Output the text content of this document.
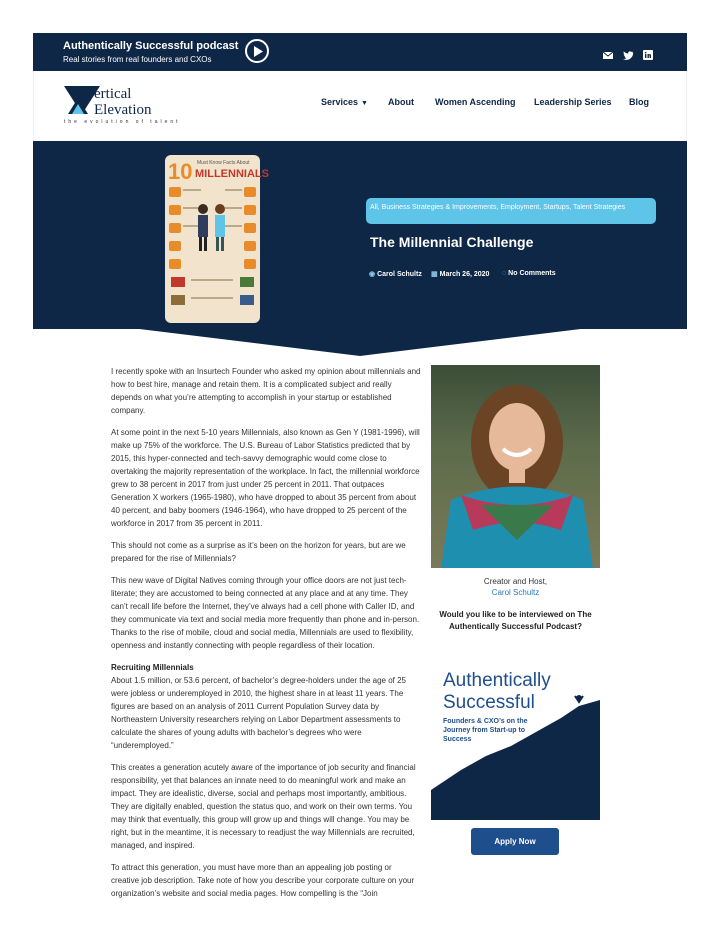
Authentically Successful podcast
Real stories from real founders and CXOs
ertical
Elevation
the evolution of talent
Services ▼ About Women Ascending Leadership Series Blog
10 Must Know Facts About
MILLENNIALS
All, Business Strategies & Improvements, Employment, Startups, Talent Strategies
The Millennial Challenge
◉ Carol Schultz ▦ March 26, 2020 ◌ No Comments

I recently spoke with an Insurtech Founder who asked my opinion about millennials and how to best hire, manage and retain them. It is a complicated subject and really depends on what you’re attempting to accomplish in your startup or established company.

At some point in the next 5-10 years Millennials, also known as Gen Y (1981-1996), will make up 75% of the workforce. The U.S. Bureau of Labor Statistics predicted that by 2015, this hyper-connected and tech-savvy demographic would come close to overtaking the majority representation of the workplace. In fact, the millennial workforce grew to 38 percent in 2017 from just under 25 percent in 2011. That outpaces Generation X workers (1965-1980), who have dropped to about 35 percent from about 40 percent, and baby boomers (1946-1964), who have dropped to 25 percent of the workforce in 2017 from 35 percent in 2011.

This should not come as a surprise as it’s been on the horizon for years, but are we prepared for the rise of Millennials?

This new wave of Digital Natives coming through your office doors are not just tech-literate; they are accustomed to being connected at any place and at any time. They can’t recall life before the Internet, they’ve always had a cell phone with Caller ID, and they communicate via text and social media more frequently than phone and in-person. Thanks to the rise of mobile, cloud and social media, Millennials are used to flexibility, openness and instantly connecting with people regardless of their location.

Recruiting Millennials

About 1.5 million, or 53.6 percent, of bachelor’s degree-holders under the age of 25 were jobless or underemployed in 2010, the highest share in at least 11 years. The figures are based on an analysis of 2011 Current Population Survey data by Northeastern University researchers relying on Labor Department assessments to calculate the shares of young adults with bachelor’s degrees who were “underemployed.”

This creates a generation acutely aware of the importance of job security and financial responsibility, yet that balances an innate need to do meaningful work and make an impact. They are idealistic, diverse, social and perhaps most importantly, ambitious. They are digitally enabled, question the status quo, and work on their own terms. You may think that eventually, this group will grow up and things will change. You may be right, but in the meantime, it is necessary to readjust the way Millennials are recruited, managed, and inspired.

To attract this generation, you must have more than an appealing job posting or creative job description. Take note of how you describe your corporate culture on your organization’s website and social media pages. How compelling is the “Join

Creator and Host,
Carol Schultz
Would you like to be interviewed on The Authentically Successful Podcast?
Authentically
Successful
Founders & CXO’s on the Journey from Start-up to Success
Apply Now
